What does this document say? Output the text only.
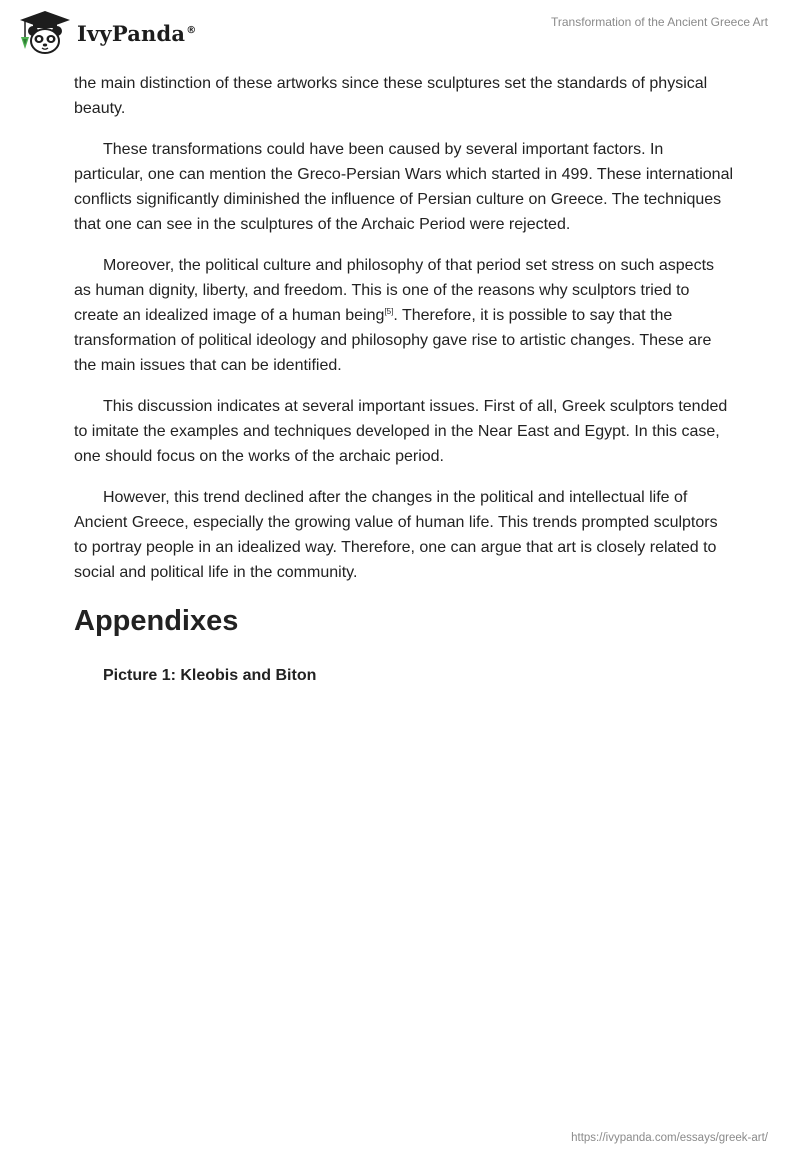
IvyPanda®
Transformation of the Ancient Greece Art

the main distinction of these artworks since these sculptures set the standards of physical beauty.

These transformations could have been caused by several important factors. In particular, one can mention the Greco-Persian Wars which started in 499. These international conflicts significantly diminished the influence of Persian culture on Greece. The techniques that one can see in the sculptures of the Archaic Period were rejected.

Moreover, the political culture and philosophy of that period set stress on such aspects as human dignity, liberty, and freedom. This is one of the reasons why sculptors tried to create an idealized image of a human being[5]. Therefore, it is possible to say that the transformation of political ideology and philosophy gave rise to artistic changes. These are the main issues that can be identified.

This discussion indicates at several important issues. First of all, Greek sculptors tended to imitate the examples and techniques developed in the Near East and Egypt. In this case, one should focus on the works of the archaic period.

However, this trend declined after the changes in the political and intellectual life of Ancient Greece, especially the growing value of human life. This trends prompted sculptors to portray people in an idealized way. Therefore, one can argue that art is closely related to social and political life in the community.

Appendixes
Picture 1: Kleobis and Biton
https://ivypanda.com/essays/greek-art/
